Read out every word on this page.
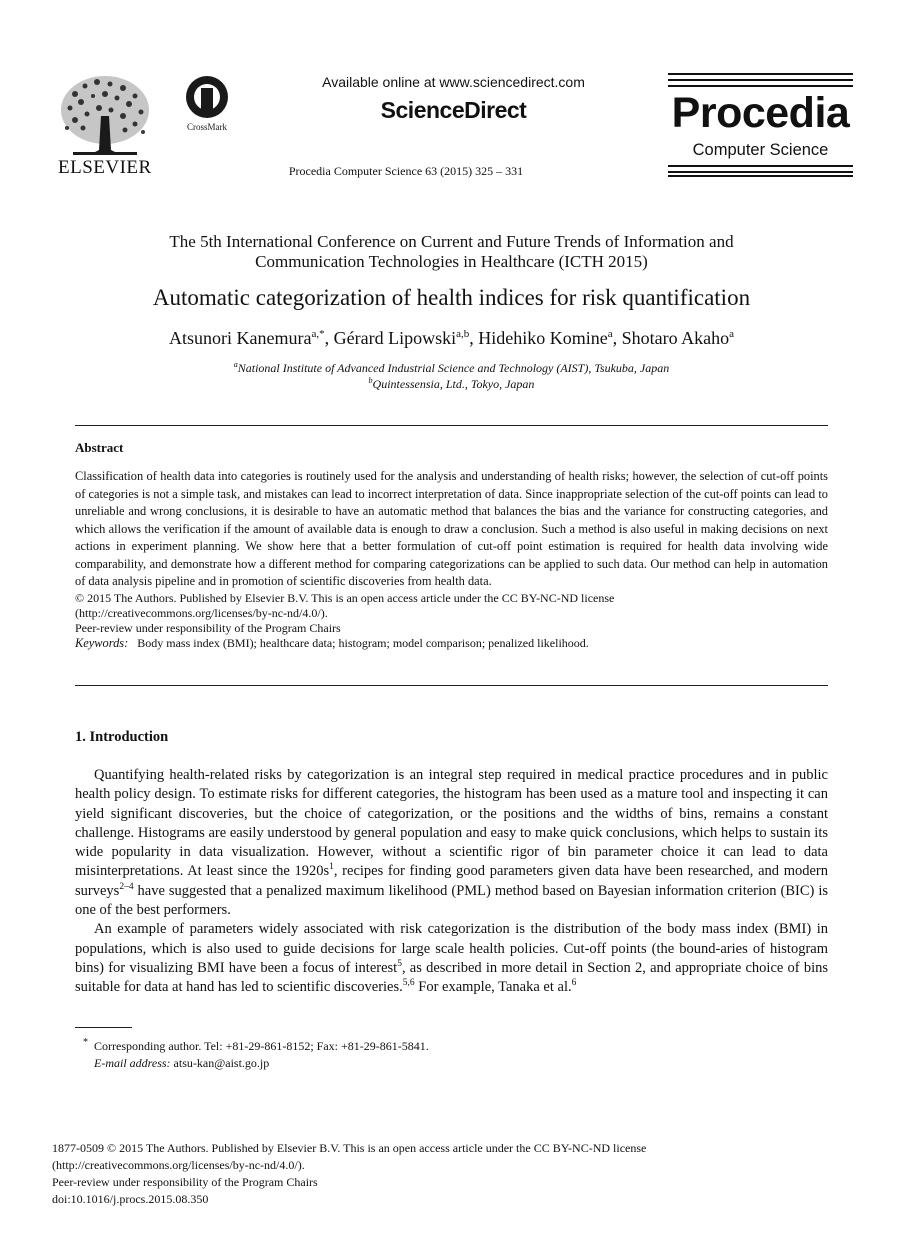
ELSEVIER
CrossMark
Available online at www.sciencedirect.com
ScienceDirect
Procedia Computer Science 63 (2015) 325 – 331
Procedia
Computer Science
The 5th International Conference on Current and Future Trends of Information and
Communication Technologies in Healthcare (ICTH 2015)
Automatic categorization of health indices for risk quantification
Atsunori Kanemura$^{a,*}$, Gérard Lipowski$^{a,b}$, Hidehiko Komine$^a$, Shotaro Akaho$^a$
$^a$National Institute of Advanced Industrial Science and Technology (AIST), Tsukuba, Japan
$^b$Quintessensia, Ltd., Tokyo, Japan
Abstract
Classification of health data into categories is routinely used for the analysis and understanding of health risks; however, the selection of cut-off points of categories is not a simple task, and mistakes can lead to incorrect interpretation of data. Since inappropriate selection of the cut-off points can lead to unreliable and wrong conclusions, it is desirable to have an automatic method that balances the bias and the variance for constructing categories, and which allows the verification if the amount of available data is enough to draw a conclusion. Such a method is also useful in making decisions on next actions in experiment planning. We show here that a better formulation of cut-off point estimation is required for health data involving wide comparability, and demonstrate how a different method for comparing categorizations can be applied to such data. Our method can help in automation of data analysis pipeline and in promotion of scientific discoveries from health data.
© 2015 The Authors. Published by Elsevier B.V. This is an open access article under the CC BY-NC-ND license
(http://creativecommons.org/licenses/by-nc-nd/4.0/).
Peer-review under responsibility of the Program Chairs
Keywords: Body mass index (BMI); healthcare data; histogram; model comparison; penalized likelihood.
1. Introduction

Quantifying health-related risks by categorization is an integral step required in medical practice procedures and in public health policy design. To estimate risks for different categories, the histogram has been used as a mature tool and inspecting it can yield significant discoveries, but the choice of categorization, or the positions and the widths of bins, remains a constant challenge. Histograms are easily understood by general population and easy to make quick conclusions, which helps to sustain its wide popularity in data visualization. However, without a scientific rigor of bin parameter choice it can lead to data misinterpretations. At least since the $1920s^1$, recipes for finding good parameters given data have been researched, and modern surveys$^{2-4}$ have suggested that a penalized maximum likelihood (PML) method based on Bayesian information criterion (BIC) is one of the best performers.

An example of parameters widely associated with risk categorization is the distribution of the body mass index (BMI) in populations, which is also used to guide decisions for large scale health policies. Cut-off points (the bound-aries of histogram bins) for visualizing BMI have been a focus of interest$^5$, as described in more detail in Section 2, and appropriate choice of bins suitable for data at hand has led to scientific discoveries.$^{5,6}$ For example, Tanaka et al.$^6$

* Corresponding author. Tel: +81-29-861-8152; Fax: +81-29-861-5841.
E-mail address: atsu-kan@aist.go.jp
1877-0509 © 2015 The Authors. Published by Elsevier B.V. This is an open access article under the CC BY-NC-ND license
(http://creativecommons.org/licenses/by-nc-nd/4.0/).
Peer-review under responsibility of the Program Chairs
doi:10.1016/j.procs.2015.08.350
